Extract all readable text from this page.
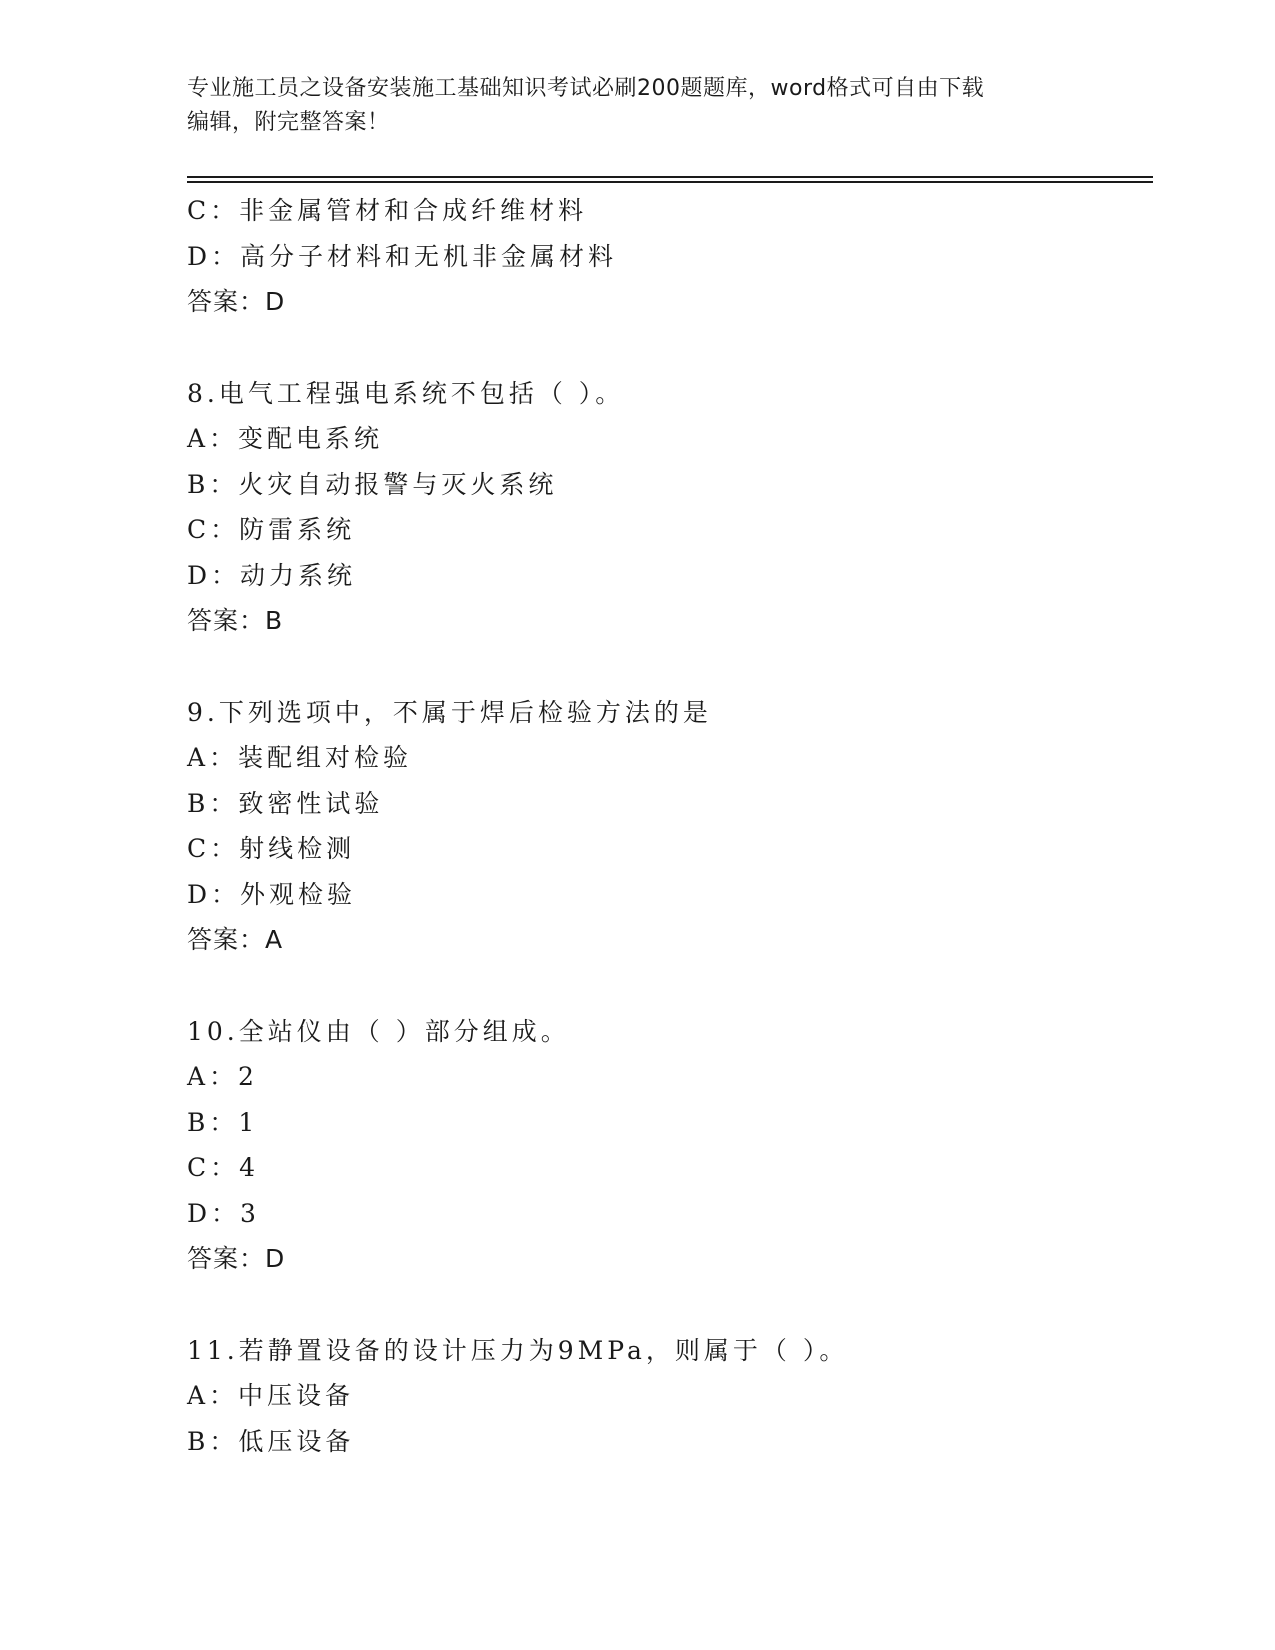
专业施工员之设备安装施工基础知识考试必刷200题题库，word格式可自由下载

编辑，附完整答案！

C：非金属管材和合成纤维材料
D：高分子材料和无机非金属材料
答案：D
8.电气工程强电系统不包括（ ）。
A：变配电系统
B：火灾自动报警与灭火系统
C：防雷系统
D：动力系统
答案：B
9.下列选项中，不属于焊后检验方法的是
A：装配组对检验
B：致密性试验
C：射线检测
D：外观检验
答案：A
10.全站仪由（ ）部分组成。
A：2
B：1
C：4
D：3
答案：D
11.若静置设备的设计压力为9MPa，则属于（ ）。
A：中压设备
B：低压设备
